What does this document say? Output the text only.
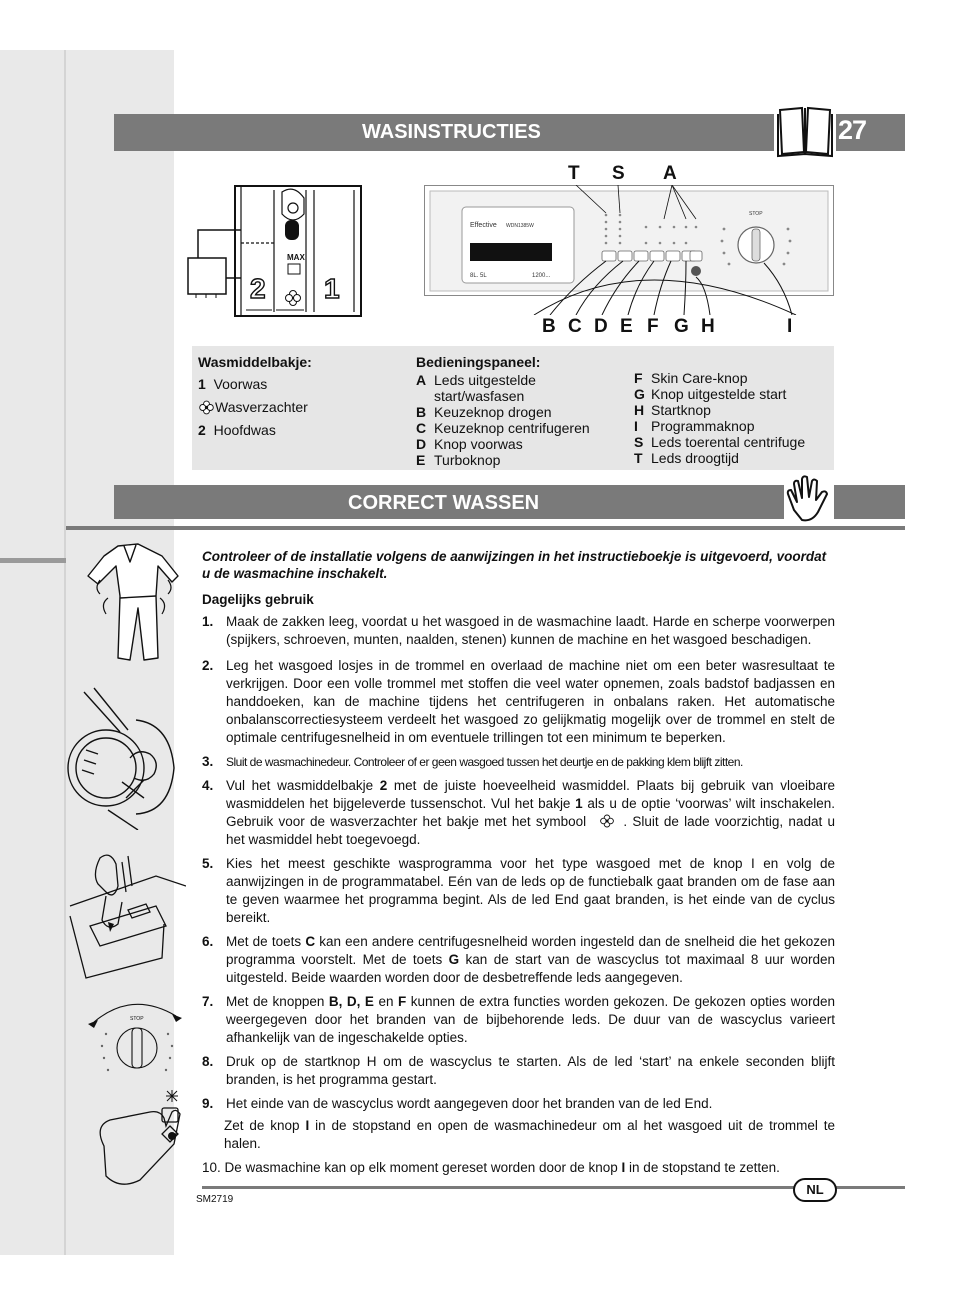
WASINSTRUCTIES	27
MAX
2 1
T S A
Effective WDN1385W
8L. 5L	1200...
STOP
B C D E F G H	I
Wasmiddelbakje:
1 Voorwas
Wasverzachter
2 Hoofdwas
Bedieningspaneel:
A Leds uitgestelde start/wasfasen
B Keuzeknop drogen
C Keuzeknop centrifugeren
D Knop voorwas
E Turboknop
F Skin Care-knop
G Knop uitgestelde start
H Startknop
I Programmaknop
S Leds toerental centrifuge
T Leds droogtijd
CORRECT WASSEN
STOP
Controleer of de installatie volgens de aanwijzingen in het instructieboekje is uitgevoerd, voordat u de wasmachine inschakelt.
Dagelijks gebruik
1. Maak de zakken leeg, voordat u het wasgoed in de wasmachine laadt. Harde en scherpe voorwerpen (spijkers, schroeven, munten, naalden, stenen) kunnen de machine en het wasgoed beschadigen.
2. Leg het wasgoed losjes in de trommel en overlaad de machine niet om een beter wasresultaat te verkrijgen. Door een volle trommel met stoffen die veel water opnemen, zoals badstof badjassen en handdoeken, kan de machine tijdens het centrifugeren in onbalans raken. Het automatische onbalanscorrectiesysteem verdeelt het wasgoed zo gelijkmatig mogelijk over de trommel en stelt de optimale centrifugesnelheid in om eventuele trillingen tot een minimum te beperken.
3. Sluit de wasmachinedeur. Controleer of er geen wasgoed tussen het deurtje en de pakking klem blijft zitten.
4. Vul het wasmiddelbakje 2 met de juiste hoeveelheid wasmiddel. Plaats bij gebruik van vloeibare wasmiddelen het bijgeleverde tussenschot. Vul het bakje 1 als u de optie ‘voorwas’ wilt inschakelen. Gebruik voor de wasverzachter het bakje met het symbool	. Sluit de lade voorzichtig, nadat u het wasmiddel hebt toegevoegd.
5. Kies het meest geschikte wasprogramma voor het type wasgoed met de knop I en volg de aanwijzingen in de programmatabel. Eén van de leds op de functiebalk gaat branden om de fase aan te geven waarmee het programma begint. Als de led End gaat branden, is het einde van de cyclus bereikt.
6. Met de toets C kan een andere centrifugesnelheid worden ingesteld dan de snelheid die het gekozen programma voorstelt. Met de toets G kan de start van de wascyclus tot maximaal 8 uur worden uitgesteld. Beide waarden worden door de desbetreffende leds aangegeven.
7. Met de knoppen B, D, E en F kunnen de extra functies worden gekozen. De gekozen opties worden weergegeven door het branden van de bijbehorende leds. De duur van de wascyclus varieert afhankelijk van de ingeschakelde opties.
8. Druk op de startknop H om de wascyclus te starten. Als de led ‘start’ na enkele seconden blijft branden, is het programma gestart.
9. Het einde van de wascyclus wordt aangegeven door het branden van de led End.
Zet de knop I in de stopstand en open de wasmachinedeur om al het wasgoed uit de trommel te halen.
10. De wasmachine kan op elk moment gereset worden door de knop I in de stopstand te zetten.
NL
SM2719
